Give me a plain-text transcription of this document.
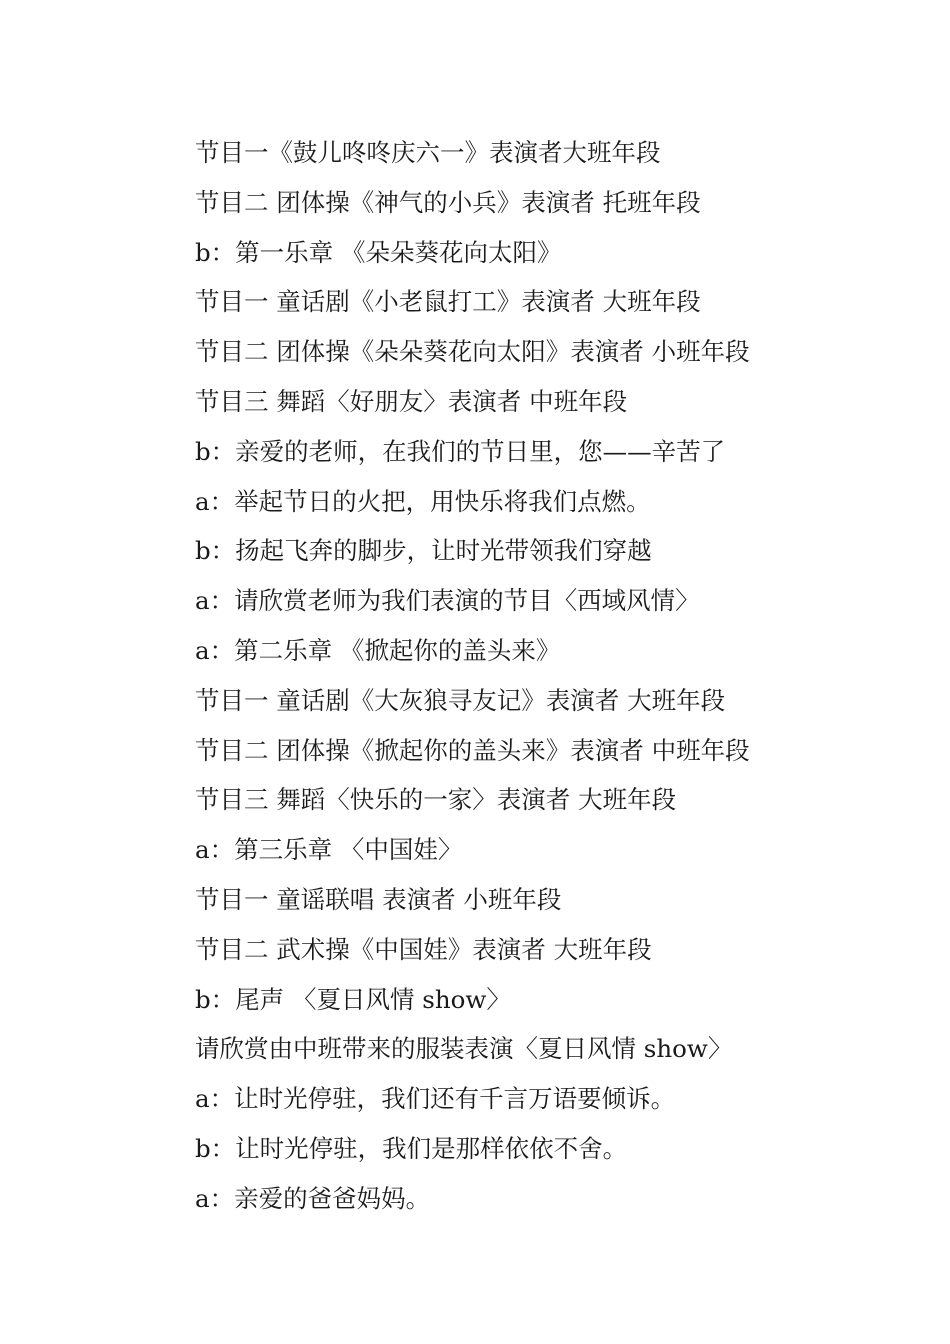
节目一《鼓儿咚咚庆六一》表演者大班年段
节目二 团体操《神气的小兵》表演者 托班年段
b：第一乐章 《朵朵葵花向太阳》
节目一 童话剧《小老鼠打工》表演者 大班年段
节目二 团体操《朵朵葵花向太阳》表演者 小班年段
节目三 舞蹈〈好朋友〉表演者 中班年段
b：亲爱的老师，在我们的节日里，您——辛苦了
a：举起节日的火把，用快乐将我们点燃。
b：扬起飞奔的脚步，让时光带领我们穿越
a：请欣赏老师为我们表演的节目〈西域风情〉
a：第二乐章 《掀起你的盖头来》
节目一 童话剧《大灰狼寻友记》表演者 大班年段
节目二 团体操《掀起你的盖头来》表演者 中班年段
节目三 舞蹈〈快乐的一家〉表演者 大班年段
a：第三乐章 〈中国娃〉
节目一 童谣联唱 表演者 小班年段
节目二 武术操《中国娃》表演者 大班年段
b：尾声 〈夏日风情 show〉
请欣赏由中班带来的服装表演〈夏日风情 show〉
a：让时光停驻，我们还有千言万语要倾诉。
b：让时光停驻，我们是那样依依不舍。
a：亲爱的爸爸妈妈。
